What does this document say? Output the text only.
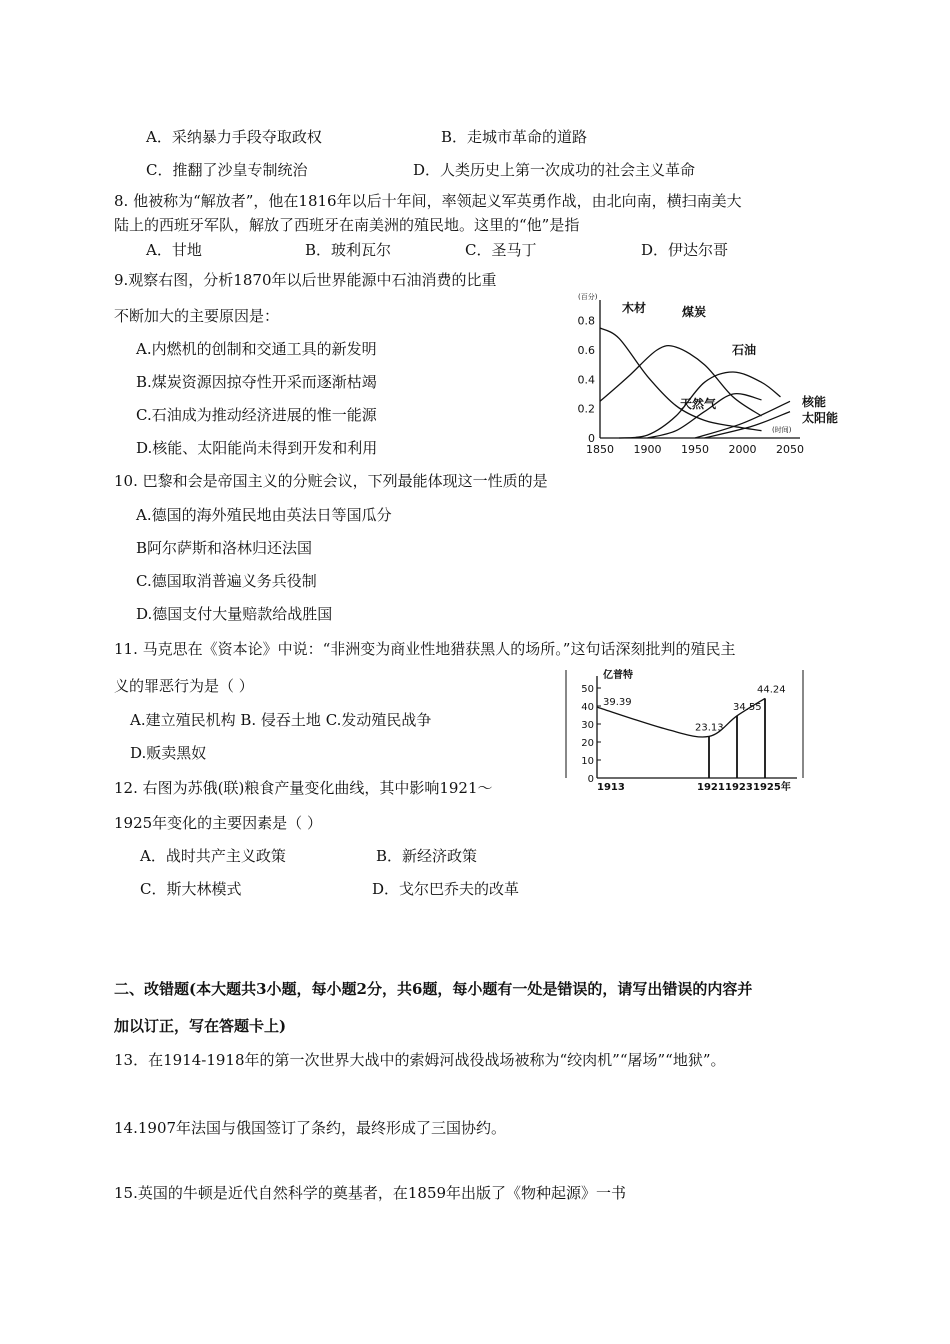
A．采纳暴力手段夺取政权	B．走城市革命的道路
C．推翻了沙皇专制统治	D．人类历史上第一次成功的社会主义革命
8. 他被称为“解放者”，他在1816年以后十年间，率领起义军英勇作战，由北向南，横扫南美大
陆上的西班牙军队，解放了西班牙在南美洲的殖民地。这里的“他”是指
A．甘地	B．玻利瓦尔	C．圣马丁	D．伊达尔哥
9.观察右图，分析1870年以后世界能源中石油消费的比重
不断加大的主要原因是：
A.内燃机的创制和交通工具的新发明
B.煤炭资源因掠夺性开采而逐渐枯竭
C.石油成为推动经济进展的惟一能源
D.核能、太阳能尚未得到开发和利用
(百分)
(时间)
0
0.2
0.4
0.6
0.8
1850 1900 1950 2000 2050
木材	煤炭
石油
天然气	核能
太阳能
10. 巴黎和会是帝国主义的分赃会议，下列最能体现这一性质的是
A.德国的海外殖民地由英法日等国瓜分
B阿尔萨斯和洛林归还法国
C.德国取消普遍义务兵役制
D.德国支付大量赔款给战胜国
11. 马克思在《资本论》中说：“非洲变为商业性地猎获黑人的场所。”这句话深刻批判的殖民主
义的罪恶行为是（ ）
A.建立殖民机构 B. 侵吞土地 C.发动殖民战争
D.贩卖黑奴
亿普特
0
10
20
30
40
50
39.39
23.13
34.55
44.24
1913	1921 1923 1925年
12. 右图为苏俄(联)粮食产量变化曲线，其中影响1921～
1925年变化的主要因素是（ ）
A．战时共产主义政策	B．新经济政策
C．斯大林模式	D．戈尔巴乔夫的改革
二、改错题(本大题共3小题，每小题2分，共6题，每小题有一处是错误的，请写出错误的内容并
加以订正，写在答题卡上)
13．在1914-1918年的第一次世界大战中的索姆河战役战场被称为“绞肉机”“屠场”“地狱”。
14.1907年法国与俄国签订了条约，最终形成了三国协约。
15.英国的牛顿是近代自然科学的奠基者，在1859年出版了《物种起源》一书
